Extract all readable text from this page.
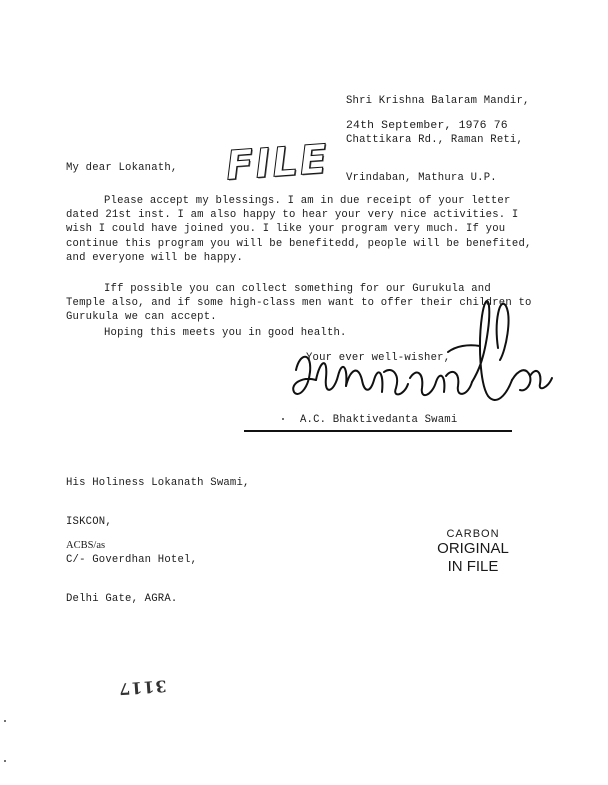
Shri Krishna Balaram Mandir,

Chattikara Rd., Raman Reti,

Vrindaban, Mathura U.P.

24th September, 1976 76
My dear Lokanath, FILE
Please accept my blessings. I am in due receipt of your letter dated 21st inst. I am also happy to hear your very nice activities. I wish I could have joined you. I like your program very much. If you continue this program you will be benefitedd, people will be benefited, and everyone will be happy.
Iff possible you can collect something for our Gurukula and Temple also, and if some high-class men want to offer their children to Gurukula we can accept.
Hoping this meets you in good health.
Your ever well-wisher,
A.C. Bhaktivedanta Swami

His Holiness Lokanath Swami,

ISKCON,

C/- Goverdhan Hotel,

Delhi Gate, AGRA.

ACBS/as
CARBON
ORIGINAL
IN FILE
3117
